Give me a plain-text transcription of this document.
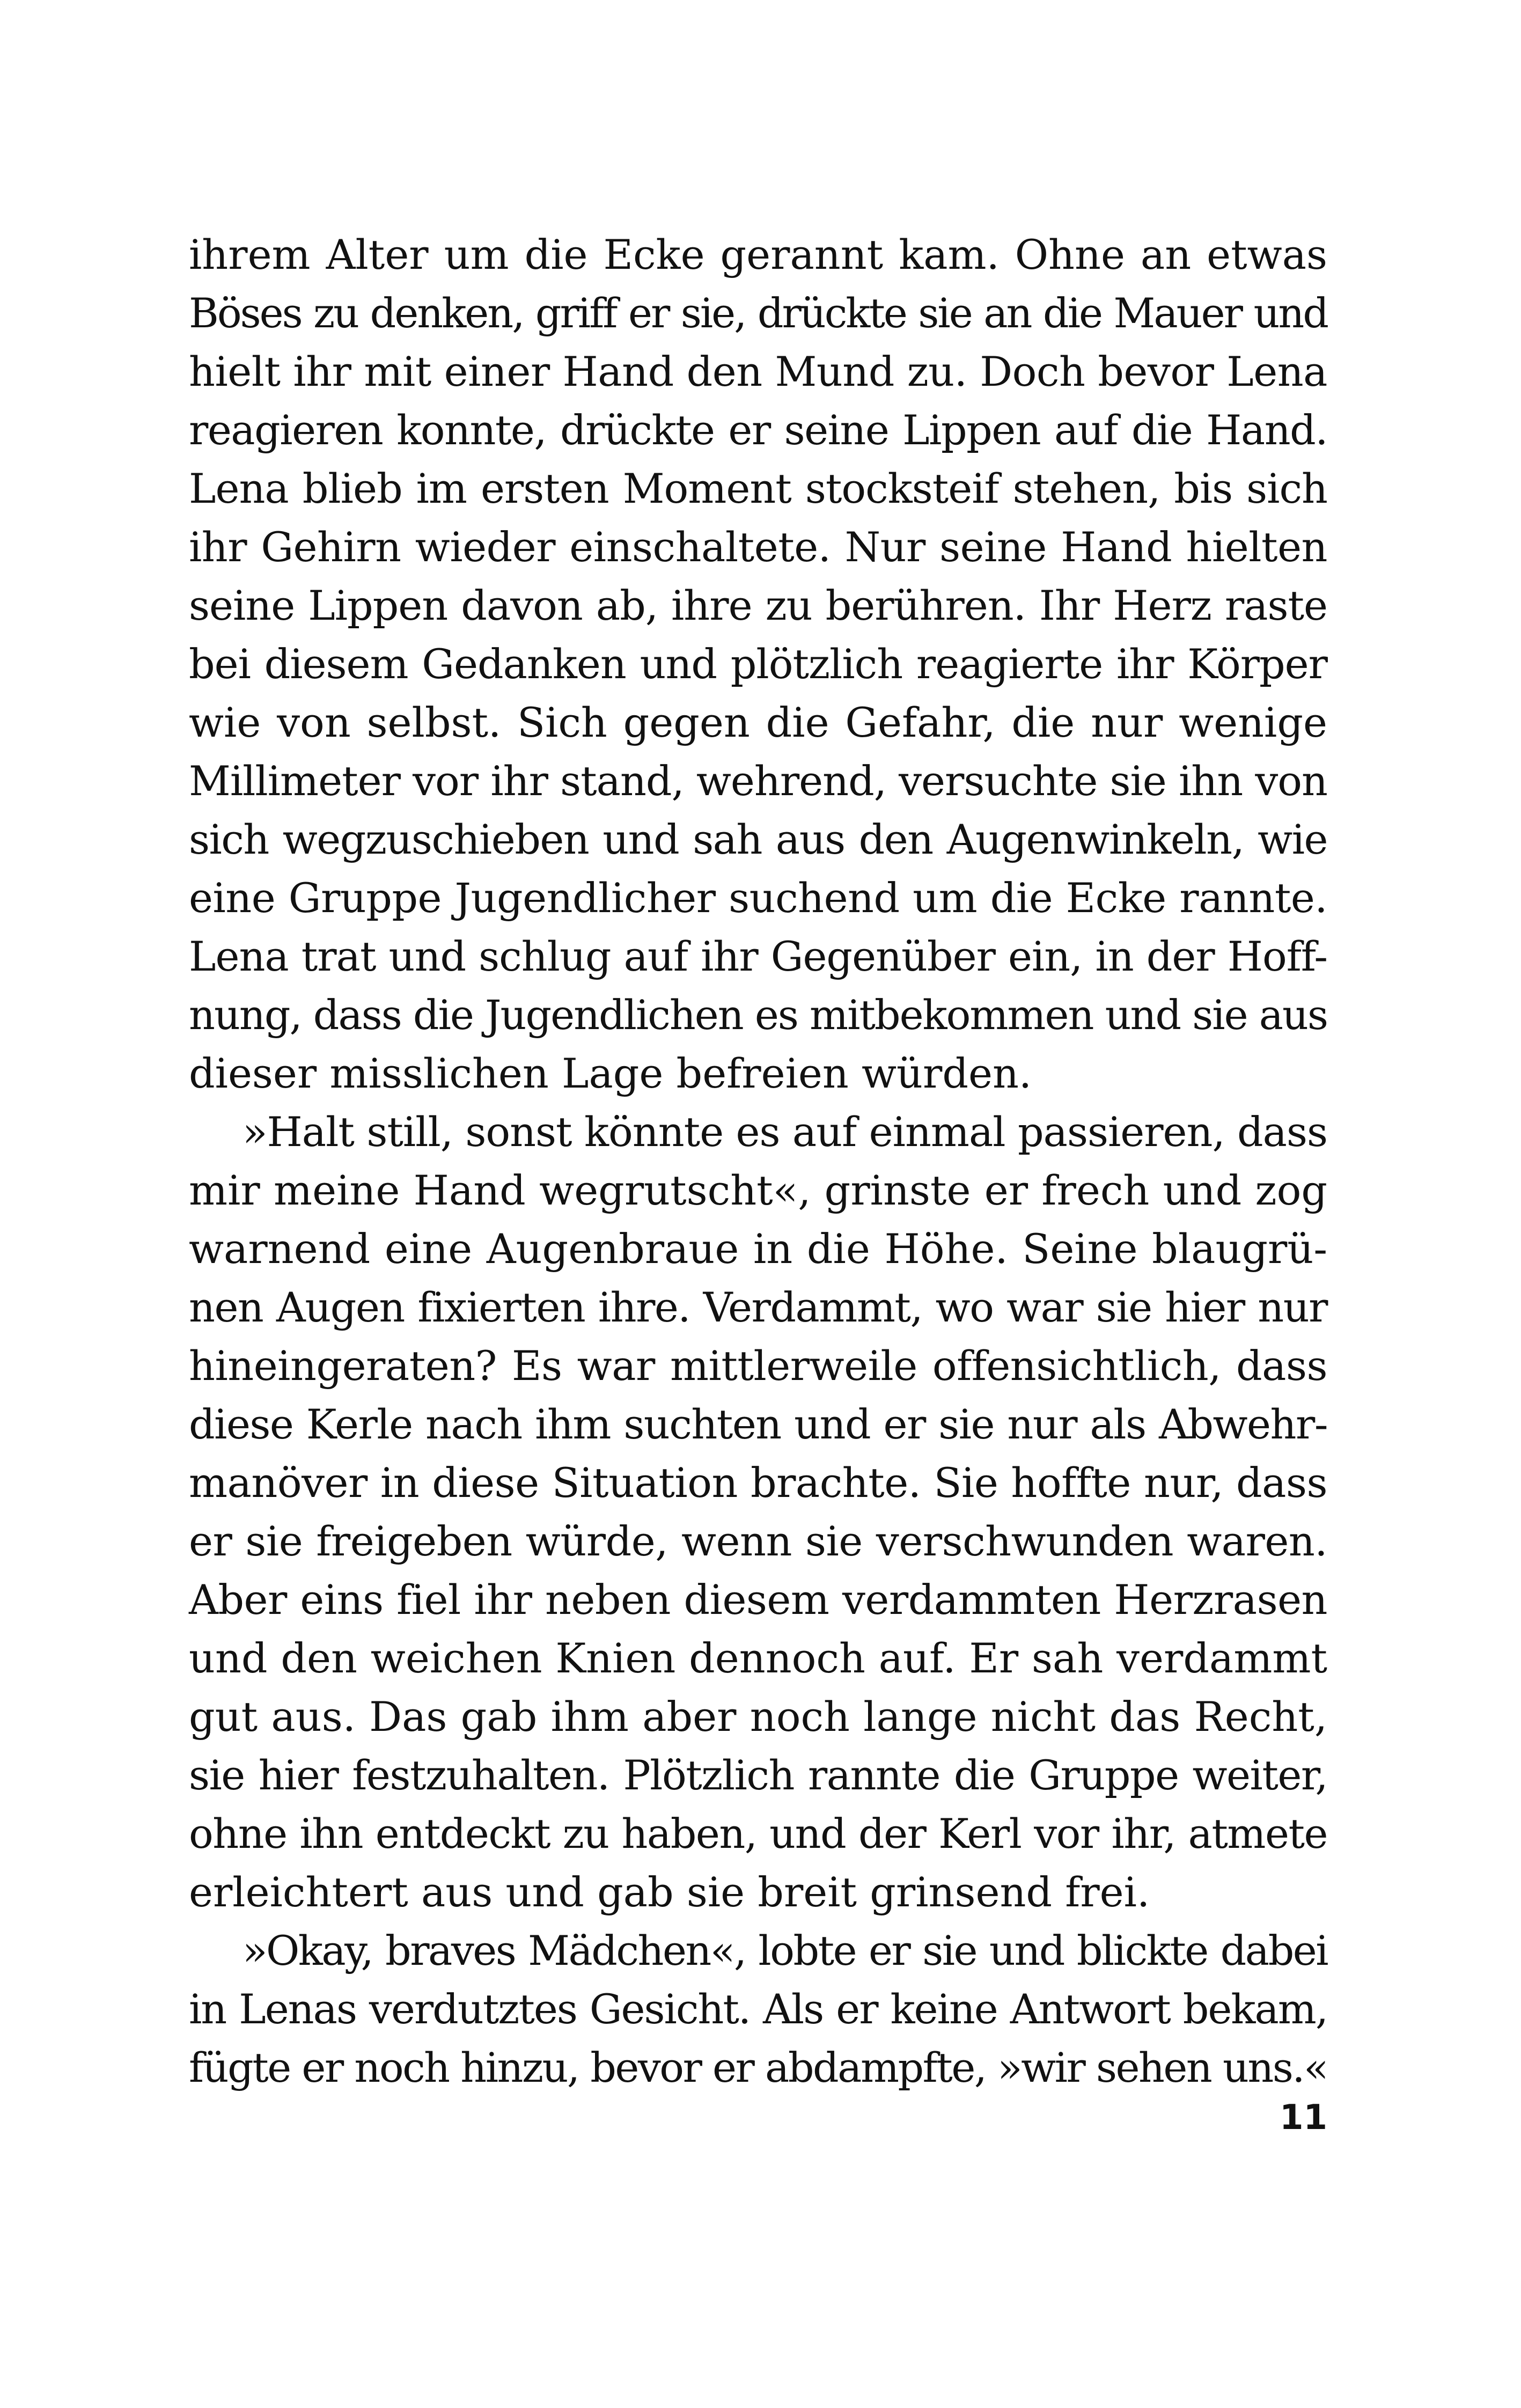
ihrem Alter um die Ecke gerannt kam. Ohne an etwas
Böses zu denken, griff er sie, drückte sie an die Mauer und
hielt ihr mit einer Hand den Mund zu. Doch bevor Lena
reagieren konnte, drückte er seine Lippen auf die Hand.
Lena blieb im ersten Moment stocksteif stehen, bis sich
ihr Gehirn wieder einschaltete. Nur seine Hand hielten
seine Lippen davon ab, ihre zu berühren. Ihr Herz raste
bei diesem Gedanken und plötzlich reagierte ihr Körper
wie von selbst. Sich gegen die Gefahr, die nur wenige
Millimeter vor ihr stand, wehrend, versuchte sie ihn von
sich wegzuschieben und sah aus den Augenwinkeln, wie
eine Gruppe Jugendlicher suchend um die Ecke rannte.
Lena trat und schlug auf ihr Gegenüber ein, in der Hoff-
nung, dass die Jugendlichen es mitbekommen und sie aus
dieser misslichen Lage befreien würden.
»Halt still, sonst könnte es auf einmal passieren, dass
mir meine Hand wegrutscht«, grinste er frech und zog
warnend eine Augenbraue in die Höhe. Seine blaugrü-
nen Augen fixierten ihre. Verdammt, wo war sie hier nur
hineingeraten? Es war mittlerweile offensichtlich, dass
diese Kerle nach ihm suchten und er sie nur als Abwehr-
manöver in diese Situation brachte. Sie hoffte nur, dass
er sie freigeben würde, wenn sie verschwunden waren.
Aber eins fiel ihr neben diesem verdammten Herzrasen
und den weichen Knien dennoch auf. Er sah verdammt
gut aus. Das gab ihm aber noch lange nicht das Recht,
sie hier festzuhalten. Plötzlich rannte die Gruppe weiter,
ohne ihn entdeckt zu haben, und der Kerl vor ihr, atmete
erleichtert aus und gab sie breit grinsend frei.
»Okay, braves Mädchen«, lobte er sie und blickte dabei
in Lenas verdutztes Gesicht. Als er keine Antwort bekam,
fügte er noch hinzu, bevor er abdampfte, »wir sehen uns.«
11
